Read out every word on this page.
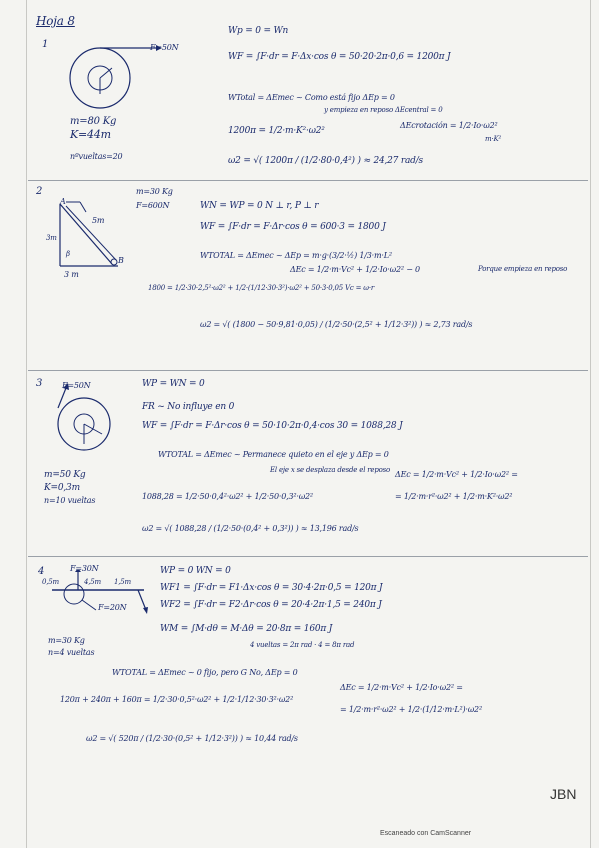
Hoja 8
1	F=50N
m=80 Kg
K=44m
nºvueltas=20
Wp = 0 = Wn
WF = ∫F·dr = F·Δx·cos θ = 50·20·2π·0,6 = 1200π J
WTotal = ΔEmec ~ Como está fijo ΔEp = 0
y empieza en reposo ΔEcentral = 0
ΔEcrotación = 1/2·Io·ω2²
m·K²
1200π = 1/2·m·K²·ω2²
ω2 = √( 1200π / (1/2·80·0,4²) ) ≈ 24,27 rad/s
2
A
3m
5m
β
B
3 m
m=30 Kg
F=600N	WN = WP = 0 N ⊥ r, P ⊥ r
WF = ∫F·dr = F·Δr·cos θ = 600·3 = 1800 J
WTOTAL = ΔEmec ~ ΔEp = m·g·(3/2·½) 1/3·m·L²
ΔEc = 1/2·m·Vc² + 1/2·Io·ω2² − 0	Porque empieza en reposo
1800 = 1/2·30·2,5²·ω2² + 1/2·(1/12·30·3²)·ω2² + 50·3·0,05 Vc = ω·r
ω2 = √( (1800 − 50·9,81·0,05) / (1/2·50·(2,5² + 1/12·3²)) ) ≈ 2,73 rad/s
3 F=50N
m=50 Kg
K=0,3m
n=10 vueltas
WP = WN = 0
FR ~ No influye en 0
WF = ∫F·dr = F·Δr·cos θ = 50·10·2π·0,4·cos 30 = 1088,28 J
WTOTAL = ΔEmec ~ Permanece quieto en el eje y ΔEp = 0
El eje x se desplaza desde el reposo ΔEc = 1/2·m·Vc² + 1/2·Io·ω2² =
= 1/2·m·r²·ω2² + 1/2·m·K²·ω2²
1088,28 = 1/2·50·0,4²·ω2² + 1/2·50·0,3²·ω2²
ω2 = √( 1088,28 / (1/2·50·(0,4² + 0,3²)) ) ≈ 13,196 rad/s
4	F=30N
F=20N
0,5m	4,5m 1,5m
m=30 Kg
n=4 vueltas
WP = 0 WN = 0
WF1 = ∫F·dr = F1·Δx·cos θ = 30·4·2π·0,5 = 120π J
WF2 = ∫F·dr = F2·Δr·cos θ = 20·4·2π·1,5 = 240π J
WM = ∫M·dθ = M·Δθ = 20·8π = 160π J
4 vueltas = 2π rad · 4 = 8π rad
WTOTAL = ΔEmec ~ 0 fijo, pero G No, ΔEp = 0
ΔEc = 1/2·m·Vc² + 1/2·Io·ω2² =
120π + 240π + 160π = 1/2·30·0,5²·ω2² + 1/2·1/12·30·3²·ω2²
= 1/2·m·r²·ω2² + 1/2·(1/12·m·L²)·ω2²
ω2 = √( 520π / (1/2·30·(0,5² + 1/12·3²)) ) ≈ 10,44 rad/s
JBN
Escaneado con CamScanner
